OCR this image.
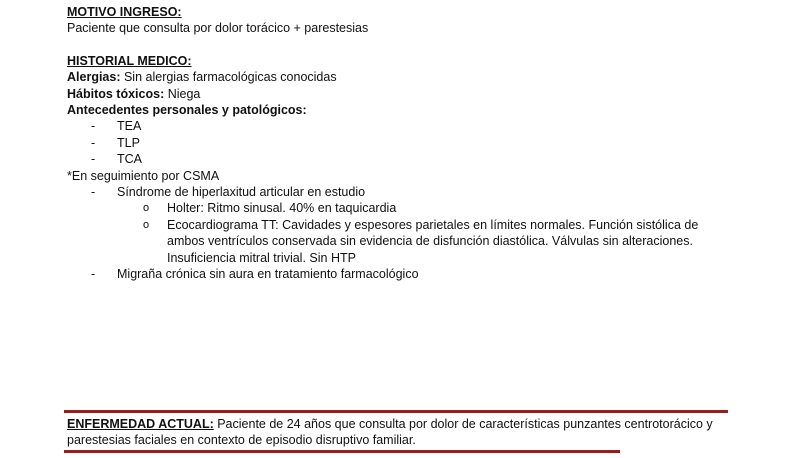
MOTIVO INGRESO:
Paciente que consulta por dolor torácico + parestesias
HISTORIAL MEDICO:
Alergias: Sin alergias farmacológicas conocidas
Hábitos tóxicos: Niega
Antecedentes personales y patológicos:
- TEA
- TLP
- TCA
*En seguimiento por CSMA
- Síndrome de hiperlaxitud articular en estudio
o Holter: Ritmo sinusal. 40% en taquicardia
o Ecocardiograma TT: Cavidades y espesores parietales en límites normales. Función sistólica de ambos ventrículos conservada sin evidencia de disfunción diastólica. Válvulas sin alteraciones. Insuficiencia mitral trivial. Sin HTP
- Migraña crónica sin aura en tratamiento farmacológico
ENFERMEDAD ACTUAL: Paciente de 24 años que consulta por dolor de características punzantes centrotorácico y parestesias faciales en contexto de episodio disruptivo familiar.
